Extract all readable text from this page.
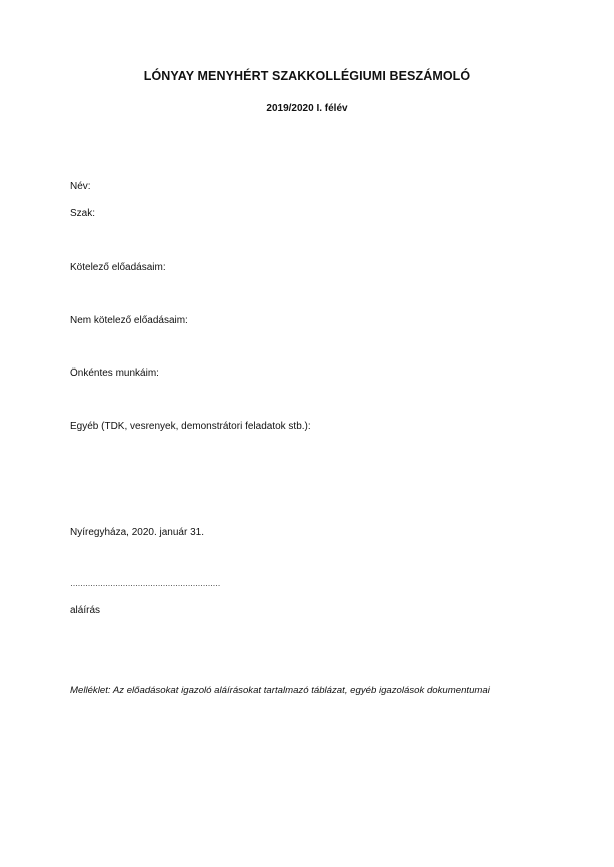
LÓNYAY MENYHÉRT SZAKKOLLÉGIUMI BESZÁMOLÓ
2019/2020 I. félév
Név:
Szak:
Kötelező előadásaim:
Nem kötelező előadásaim:
Önkéntes munkáim:
Egyéb (TDK, vesrenyek, demonstrátori feladatok stb.):
Nyíregyháza, 2020. január 31.
……………………………………………………
aláírás
Melléklet: Az előadásokat igazoló aláírásokat tartalmazó táblázat, egyéb igazolások dokumentumai
